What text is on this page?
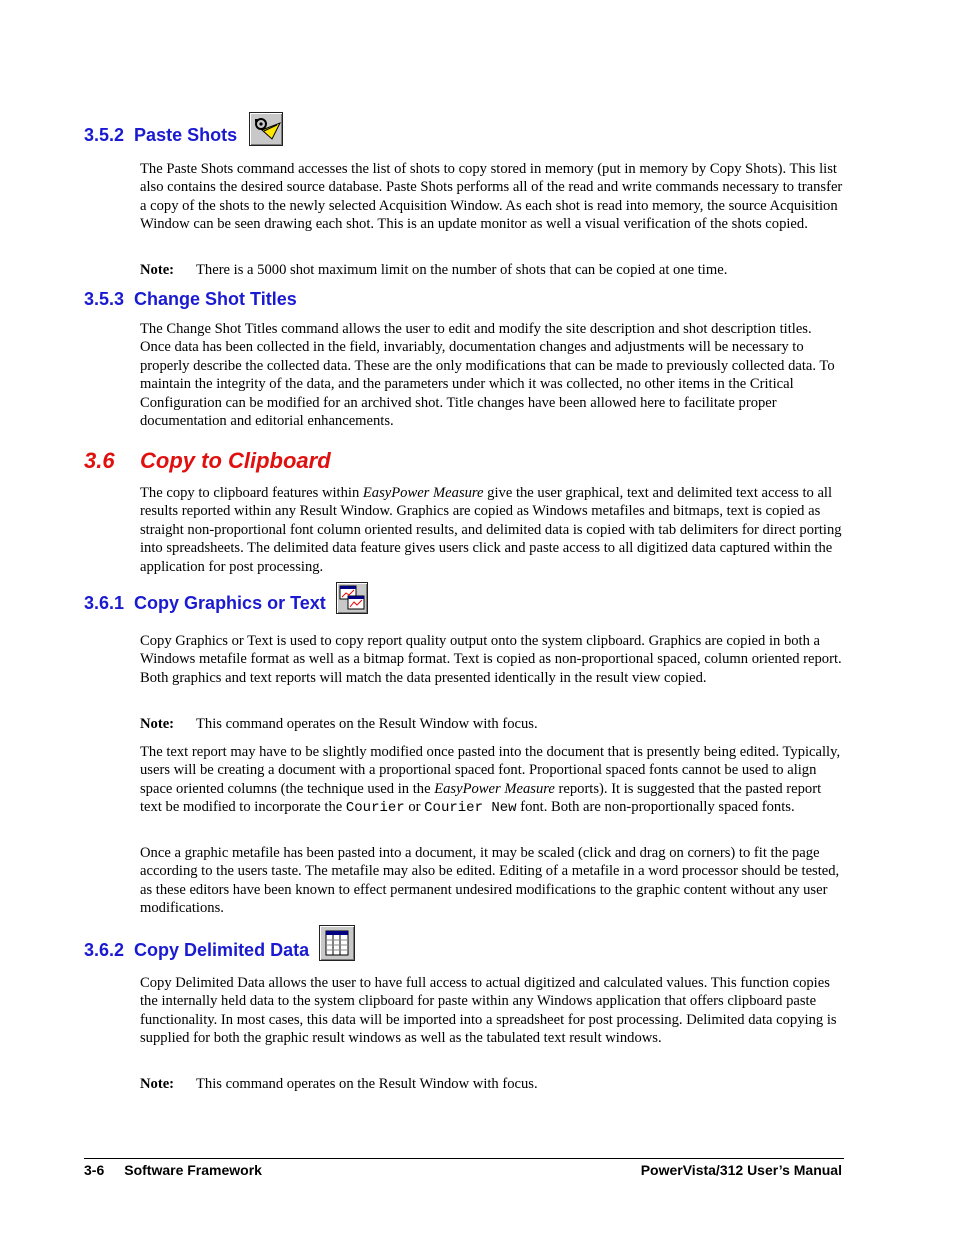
3.5.2 Paste Shots

The Paste Shots command accesses the list of shots to copy stored in memory (put in memory by Copy Shots). This list also contains the desired source database. Paste Shots performs all of the read and write commands necessary to transfer a copy of the shots to the newly selected Acquisition Window. As each shot is read into memory, the source Acquisition Window can be seen drawing each shot. This is an update monitor as well a visual verification of the shots copied.

Note: There is a 5000 shot maximum limit on the number of shots that can be copied at one time.
3.5.3 Change Shot Titles

The Change Shot Titles command allows the user to edit and modify the site description and shot description titles. Once data has been collected in the field, invariably, documentation changes and adjustments will be necessary to properly describe the collected data. These are the only modifications that can be made to previously collected data. To maintain the integrity of the data, and the parameters under which it was collected, no other items in the Critical Configuration can be modified for an archived shot. Title changes have been allowed here to facilitate proper documentation and editorial enhancements.

3.6 Copy to Clipboard

The copy to clipboard features within EasyPower Measure give the user graphical, text and delimited text access to all results reported within any Result Window. Graphics are copied as Windows metafiles and bitmaps, text is copied as straight non-proportional font column oriented results, and delimited data is copied with tab delimiters for direct porting into spreadsheets. The delimited data feature gives users click and paste access to all digitized data captured within the application for post processing.

3.6.1 Copy Graphics or Text

Copy Graphics or Text is used to copy report quality output onto the system clipboard. Graphics are copied in both a Windows metafile format as well as a bitmap format. Text is copied as non-proportional spaced, column oriented report. Both graphics and text reports will match the data presented identically in the result view copied.

Note: This command operates on the Result Window with focus.

The text report may have to be slightly modified once pasted into the document that is presently being edited. Typically, users will be creating a document with a proportional spaced font. Proportional spaced fonts cannot be used to align space oriented columns (the technique used in the EasyPower Measure reports). It is suggested that the pasted report text be modified to incorporate the Courier or Courier New font. Both are non-proportionally spaced fonts.

Once a graphic metafile has been pasted into a document, it may be scaled (click and drag on corners) to fit the page according to the users taste. The metafile may also be edited. Editing of a metafile in a word processor should be tested, as these editors have been known to effect permanent undesired modifications to the graphic content without any user modifications.

3.6.2 Copy Delimited Data

Copy Delimited Data allows the user to have full access to actual digitized and calculated values. This function copies the internally held data to the system clipboard for paste within any Windows application that offers clipboard paste functionality. In most cases, this data will be imported into a spreadsheet for post processing. Delimited data copying is supplied for both the graphic result windows as well as the tabulated text result windows.

Note: This command operates on the Result Window with focus.
3-6 Software Framework	PowerVista/312 User’s Manual
